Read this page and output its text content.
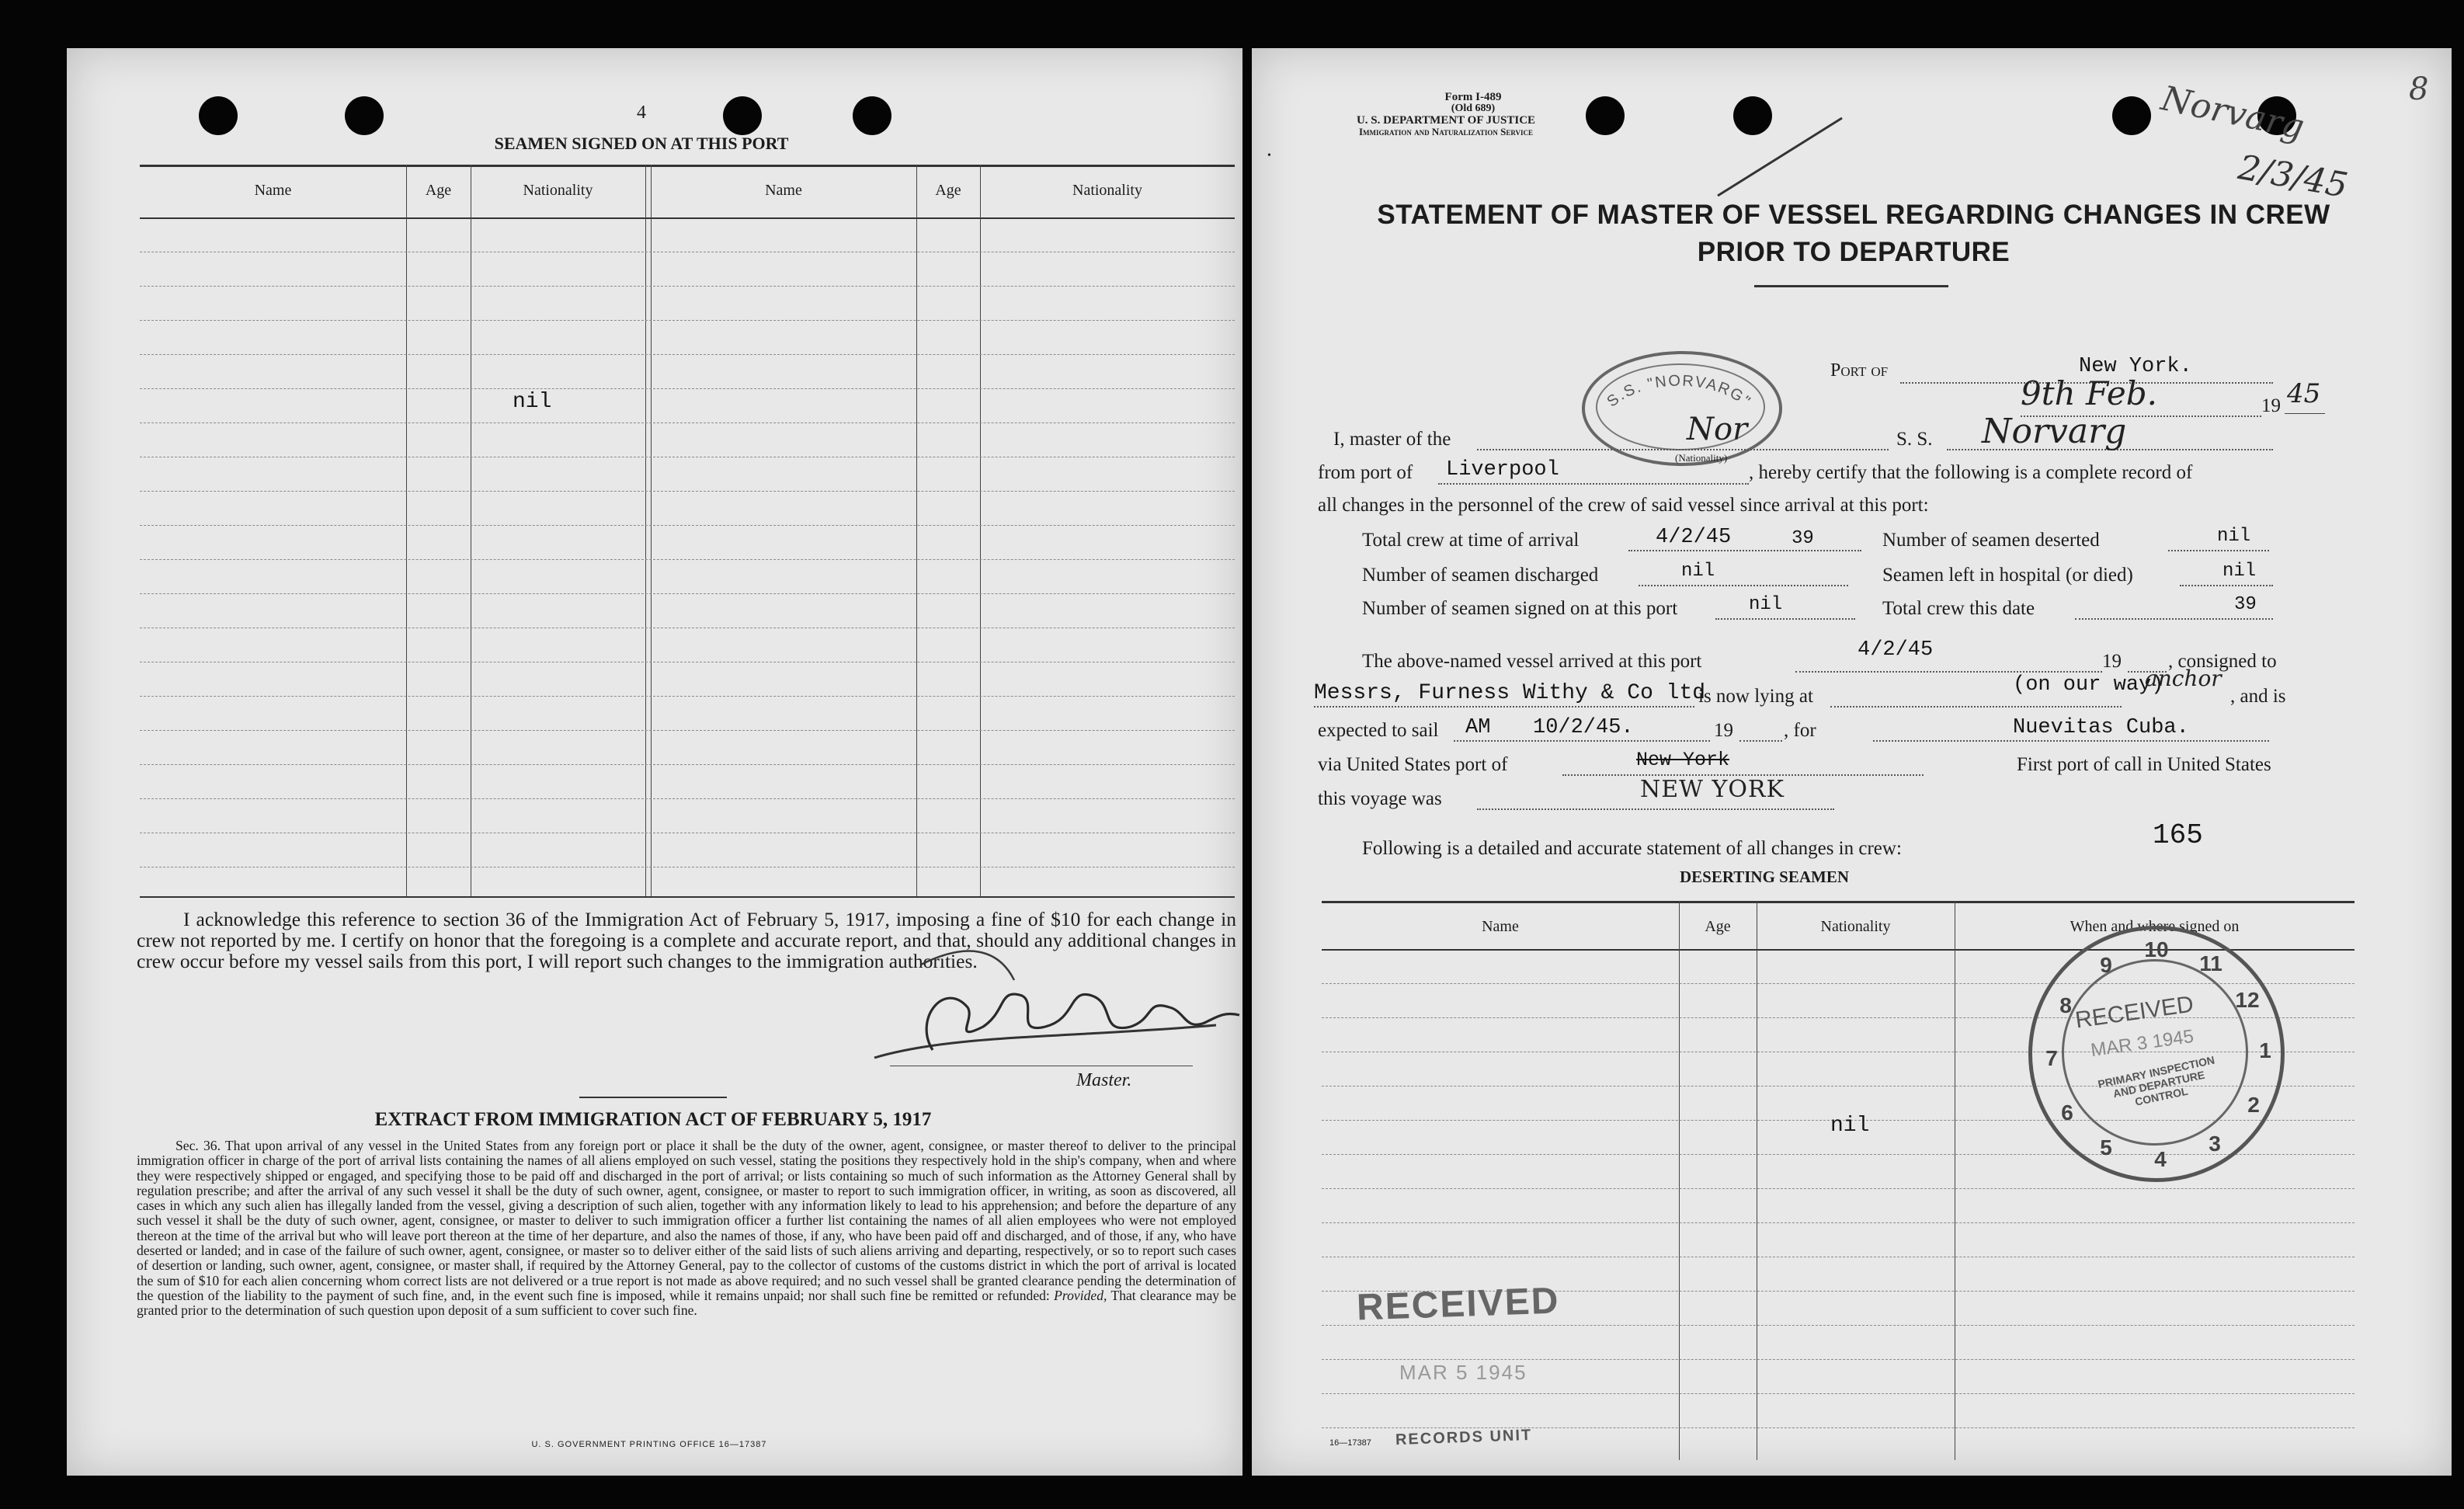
4
SEAMEN SIGNED ON AT THIS PORT
Name	Age	Nationality	Name	Age	Nationality
nil
I acknowledge this reference to section 36 of the Immigration Act of February 5, 1917, imposing a fine of $10 for each change in crew not reported by me. I certify on honor that the foregoing is a complete and accurate report, and that, should any additional changes in crew occur before my vessel sails from this port, I will report such changes to the immigration authorities.
Master.
EXTRACT FROM IMMIGRATION ACT OF FEBRUARY 5, 1917
Sec. 36. That upon arrival of any vessel in the United States from any foreign port or place it shall be the duty of the owner, agent, consignee, or master thereof to deliver to the principal immigration officer in charge of the port of arrival lists containing the names of all aliens employed on such vessel, stating the positions they respectively hold in the ship's company, when and where they were respectively shipped or engaged, and specifying those to be paid off and discharged in the port of arrival; or lists containing so much of such information as the Attorney General shall by regulation prescribe; and after the arrival of any such vessel it shall be the duty of such owner, agent, consignee, or master to report to such immigration officer, in writing, as soon as discovered, all cases in which any such alien has illegally landed from the vessel, giving a description of such alien, together with any information likely to lead to his apprehension; and before the departure of any such vessel it shall be the duty of such owner, agent, consignee, or master to deliver to such immigration officer a further list containing the names of all alien employees who were not employed thereon at the time of the arrival but who will leave port thereon at the time of her departure, and also the names of those, if any, who have been paid off and discharged, and of those, if any, who have deserted or landed; and in case of the failure of such owner, agent, consignee, or master so to deliver either of the said lists of such aliens arriving and departing, respectively, or so to report such cases of desertion or landing, such owner, agent, consignee, or master shall, if required by the Attorney General, pay to the collector of customs of the customs district in which the port of arrival is located the sum of $10 for each alien concerning whom correct lists are not delivered or a true report is not made as above required; and no such vessel shall be granted clearance pending the determination of the question of the liability to the payment of such fine, and, in the event such fine is imposed, while it remains unpaid; nor shall such fine be remitted or refunded: Provided, That clearance may be granted prior to the determination of such question upon deposit of a sum sufficient to cover such fine.
U. S. GOVERNMENT PRINTING OFFICE 16—17387
Form I-489
(Old 689)
U. S. DEPARTMENT OF JUSTICE
Immigration and Naturalization Service
•
STATEMENT OF MASTER OF VESSEL REGARDING CHANGES IN CREW
PRIOR TO DEPARTURE
Norvarg
2/3/45
8
S.S. "NORVARG"
Port of	New York.
9th Feb.	19 45
I, master of the	Nor
(Nationality)
S. S. Norvarg
from port of Liverpool	, hereby certify that the following is a complete record of
all changes in the personnel of the crew of said vessel since arrival at this port:
Total crew at time of arrival	4/2/45	39	Number of seamen deserted	nil
Number of seamen discharged	nil	Seamen left in hospital (or died)	nil
Number of seamen signed on at this port	nil	Total crew this date	39
The above-named vessel arrived at this port	4/2/45	19 , consigned to
Messrs, Furness Withy & Co ltd
is now lying at	(on our way)
anchor
, and is
expected to sail AM 10/2/45.	19	, for	Nuevitas Cuba.
via United States port of	New York	First port of call in United States
this voyage was	NEW YORK
Following is a detailed and accurate statement of all changes in crew:	165
DESERTING SEAMEN
Name	Age	Nationality	When and where signed on
nil
10
11
12
1
2
3
4
5
6
7
8
9
RECEIVED
MAR 3 1945
PRIMARY INSPECTION AND DEPARTURE CONTROL
RECEIVED
MAR 5 1945
16—17387 RECORDS UNIT
